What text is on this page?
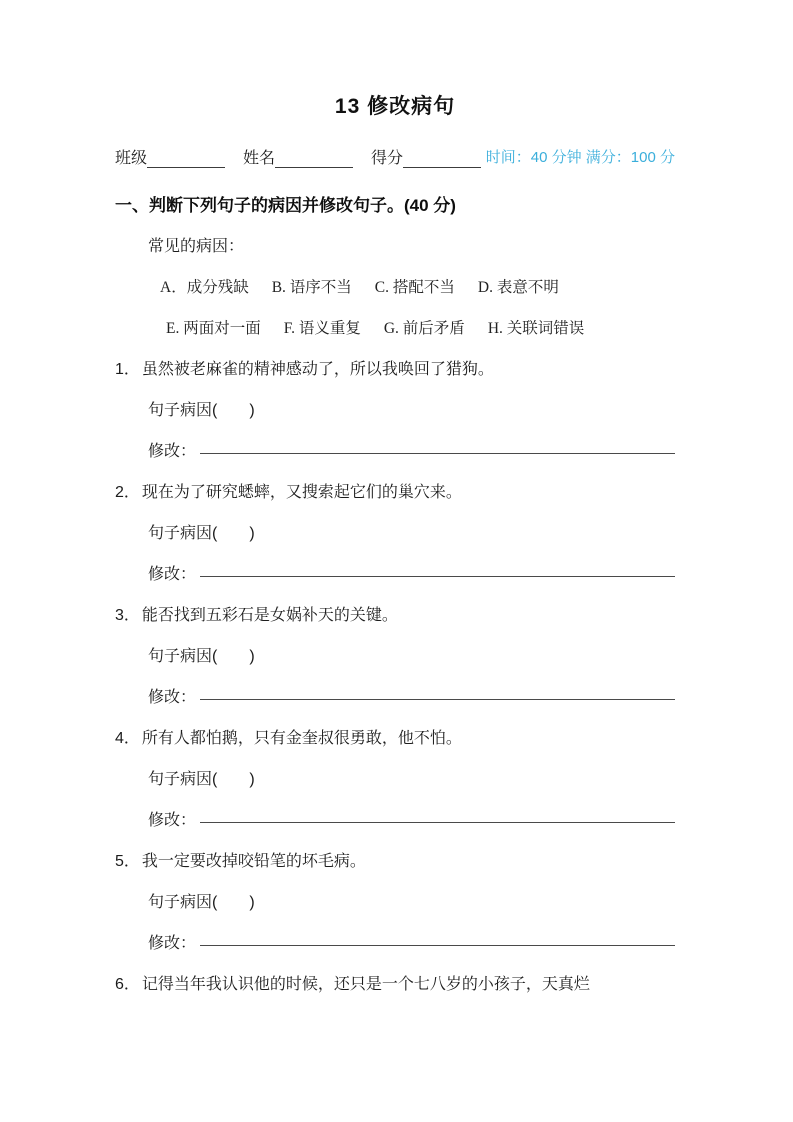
13 修改病句
班级	姓名	得分	时间：40 分钟 满分：100 分
一、判断下列句子的病因并修改句子。(40 分)
常见的病因：
A．成分残缺 B. 语序不当 C. 搭配不当 D. 表意不明
E. 两面对一面 F. 语义重复 G. 前后矛盾 H. 关联词错误
1． 虽然被老麻雀的精神感动了，所以我唤回了猎狗。
句子病因(　　)
修改：
2． 现在为了研究蟋蟀，又搜索起它们的巢穴来。
句子病因(　　)
修改：
3． 能否找到五彩石是女娲补天的关键。
句子病因(　　)
修改：
4． 所有人都怕鹅，只有金奎叔很勇敢，他不怕。
句子病因(　　)
修改：
5． 我一定要改掉咬铅笔的坏毛病。
句子病因(　　)
修改：
6． 记得当年我认识他的时候，还只是一个七八岁的小孩子，天真烂
